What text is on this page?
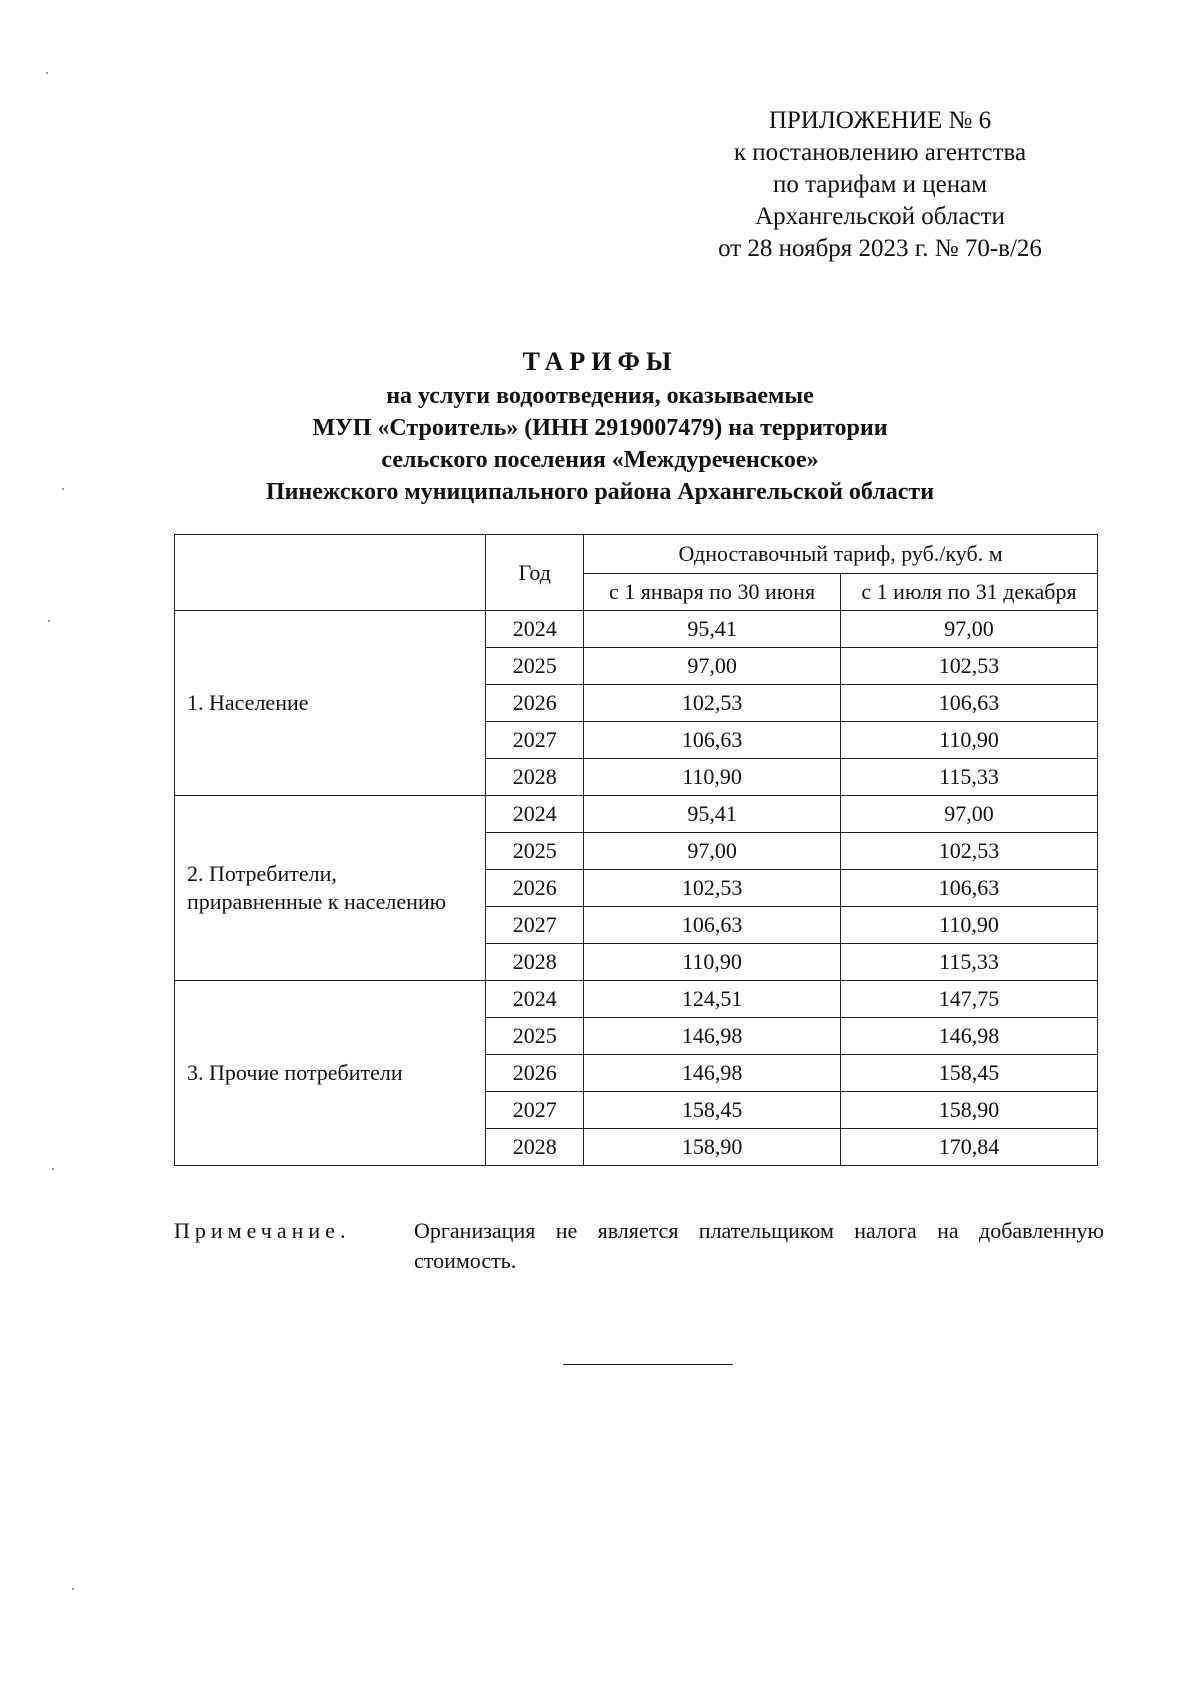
ПРИЛОЖЕНИЕ № 6
к постановлению агентства
по тарифам и ценам
Архангельской области
от 28 ноября 2023 г. № 70-в/26
ТАРИФЫ
на услуги водоотведения, оказываемые
МУП «Строитель» (ИНН 2919007479) на территории
сельского поселения «Междуреченское»
Пинежского муниципального района Архангельской области
	Год	Одноставочный тариф, руб./куб. м	
		с 1 января по 30 июня	с 1 июля по 31 декабря
1. Население	2024	95,41	97,00
	2025	97,00	102,53
	2026	102,53	106,63
	2027	106,63	110,90
	2028	110,90	115,33
2. Потребители, приравненные к населению	2024	95,41	97,00
	2025	97,00	102,53
	2026	102,53	106,63
	2027	106,63	110,90
	2028	110,90	115,33
3. Прочие потребители	2024	124,51	147,75
	2025	146,98	146,98
	2026	146,98	158,45
	2027	158,45	158,90
	2028	158,90	170,84
Примечание.	Организация не является плательщиком налога на добавленную стоимость.
